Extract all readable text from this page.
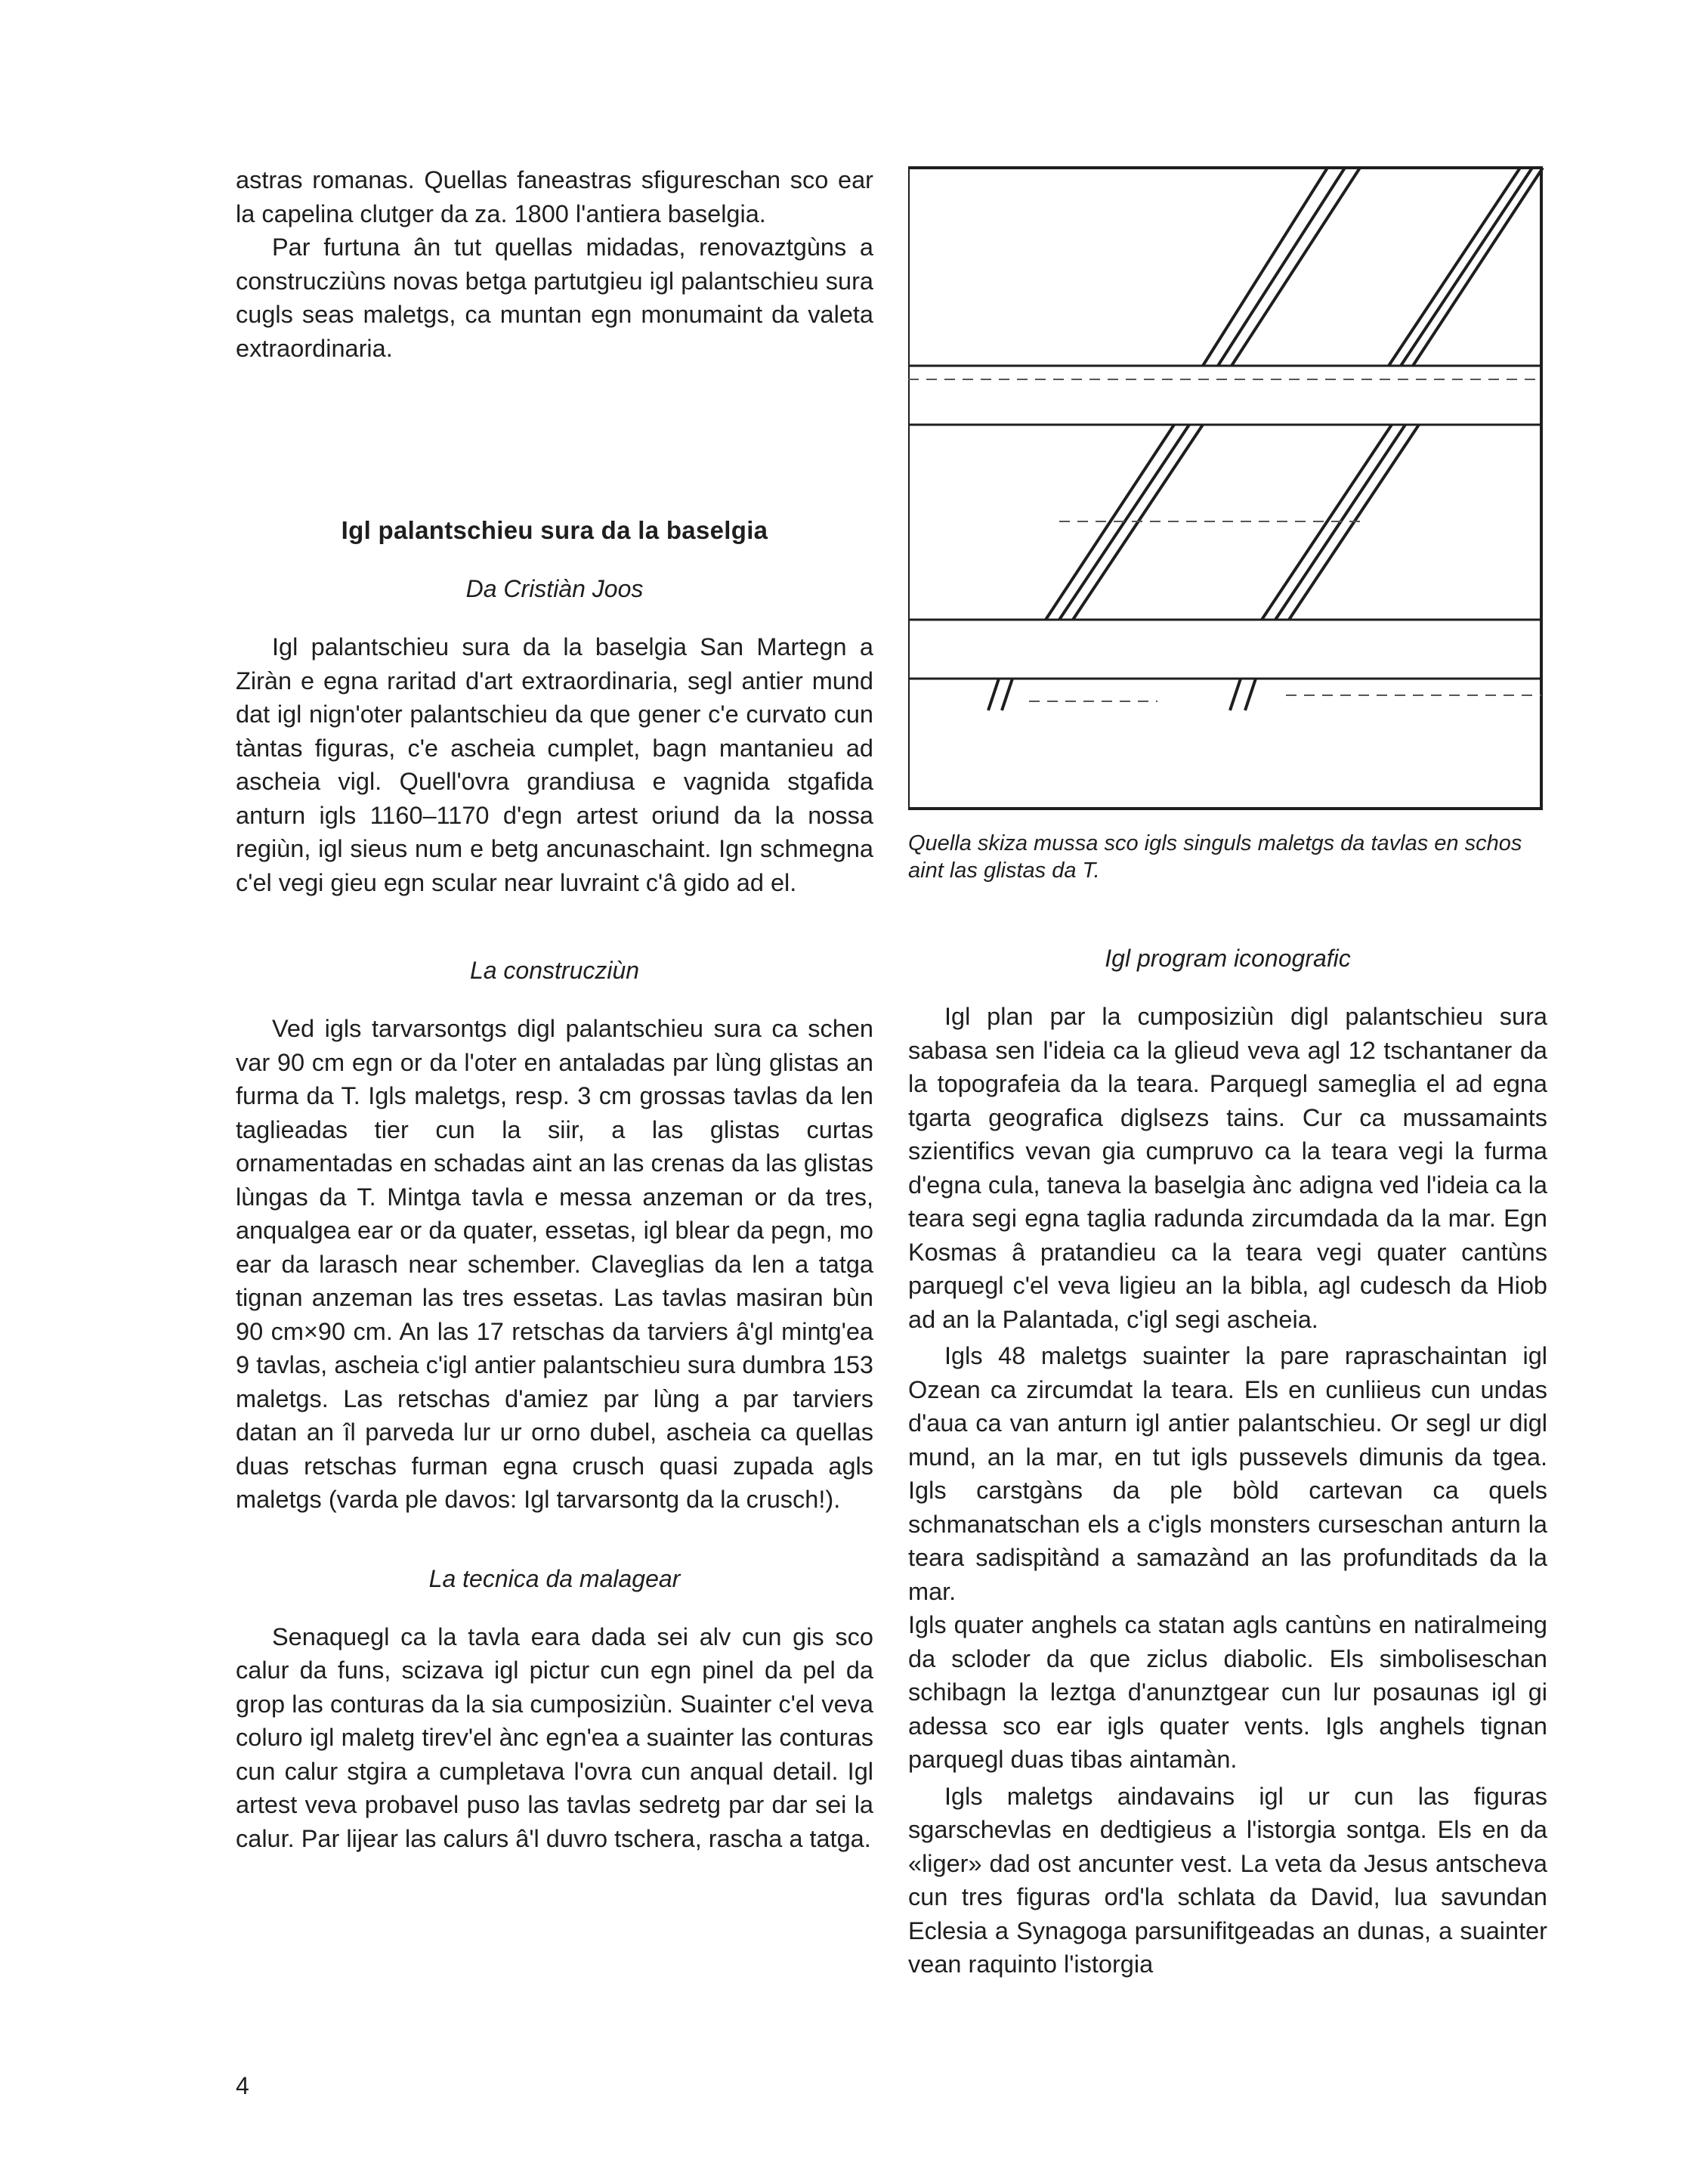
astras romanas. Quellas faneastras sfigureschan sco ear la capelina clutger da za. 1800 l'antiera baselgia.

Par furtuna ân tut quellas midadas, renovaztgùns a construcziùns novas betga partutgieu igl palantschieu sura cugls seas maletgs, ca muntan egn monumaint da valeta extraordinaria.

Igl palantschieu sura da la baselgia
Da Cristiàn Joos

Igl palantschieu sura da la baselgia San Martegn a Ziràn e egna raritad d'art extraordinaria, segl antier mund dat igl nign'oter palantschieu da que gener c'e curvato cun tàntas figuras, c'e ascheia cumplet, bagn mantanieu ad ascheia vigl. Quell'ovra grandiusa e vagnida stgafida anturn igls 1160–1170 d'egn artest oriund da la nossa regiùn, igl sieus num e betg ancunaschaint. Ign schmegna c'el vegi gieu egn scular near luvraint c'â gido ad el.

La construcziùn

Ved igls tarvarsontgs digl palantschieu sura ca schen var 90 cm egn or da l'oter en antaladas par lùng glistas an furma da T. Igls maletgs, resp. 3 cm grossas tavlas da len taglieadas tier cun la siir, a las glistas curtas ornamentadas en schadas aint an las crenas da las glistas lùngas da T. Mintga tavla e messa anzeman or da tres, anqualgea ear or da quater, essetas, igl blear da pegn, mo ear da larasch near schember. Claveglias da len a tatga tignan anzeman las tres essetas. Las tavlas masiran bùn 90 cm×90 cm. An las 17 retschas da tarviers â'gl mintg'ea 9 tavlas, ascheia c'igl antier palantschieu sura dumbra 153 maletgs. Las retschas d'amiez par lùng a par tarviers datan an îl parveda lur ur orno dubel, ascheia ca quellas duas retschas furman egna crusch quasi zupada agls maletgs (varda ple davos: Igl tarvarsontg da la crusch!).

La tecnica da malagear

Senaquegl ca la tavla eara dada sei alv cun gis sco calur da funs, scizava igl pictur cun egn pinel da pel da grop las conturas da la sia cumposiziùn. Suainter c'el veva coluro igl maletg tirev'el ànc egn'ea a suainter las conturas cun calur stgira a cumpletava l'ovra cun anqual detail. Igl artest veva probavel puso las tavlas sedretg par dar sei la calur. Par lijear las calurs â'l duvro tschera, rascha a tatga.

Quella skiza mussa sco igls singuls maletgs da tavlas en schos aint las glistas da T.
Igl program iconografic

Igl plan par la cumposiziùn digl palantschieu sura sabasa sen l'ideia ca la glieud veva agl 12 tschantaner da la topografeia da la teara. Parquegl sameglia el ad egna tgarta geografica diglsezs tains. Cur ca mussamaints szientifics vevan gia cumpruvo ca la teara vegi la furma d'egna cula, taneva la baselgia ànc adigna ved l'ideia ca la teara segi egna taglia radunda zircumdada da la mar. Egn Kosmas â pratandieu ca la teara vegi quater cantùns parquegl c'el veva ligieu an la bibla, agl cudesch da Hiob ad an la Palantada, c'igl segi ascheia.

Igls 48 maletgs suainter la pare rapraschaintan igl Ozean ca zircumdat la teara. Els en cunliieus cun undas d'aua ca van anturn igl antier palantschieu. Or segl ur digl mund, an la mar, en tut igls pussevels dimunis da tgea. Igls carstgàns da ple bòld cartevan ca quels schmanatschan els a c'igls monsters curseschan anturn la teara sadispitànd a samazànd an las profunditads da la mar.

Igls quater anghels ca statan agls cantùns en natiralmeing da scloder da que ziclus diabolic. Els simboliseschan schibagn la leztga d'anunztgear cun lur posaunas igl gi adessa sco ear igls quater vents. Igls anghels tignan parquegl duas tibas aintamàn.

Igls maletgs aindavains igl ur cun las figuras sgarschevlas en dedtigieus a l'istorgia sontga. Els en da «liger» dad ost ancunter vest. La veta da Jesus antscheva cun tres figuras ord'la schlata da David, lua savundan Eclesia a Synagoga parsunifitgeadas an dunas, a suainter vean raquinto l'istorgia

4
